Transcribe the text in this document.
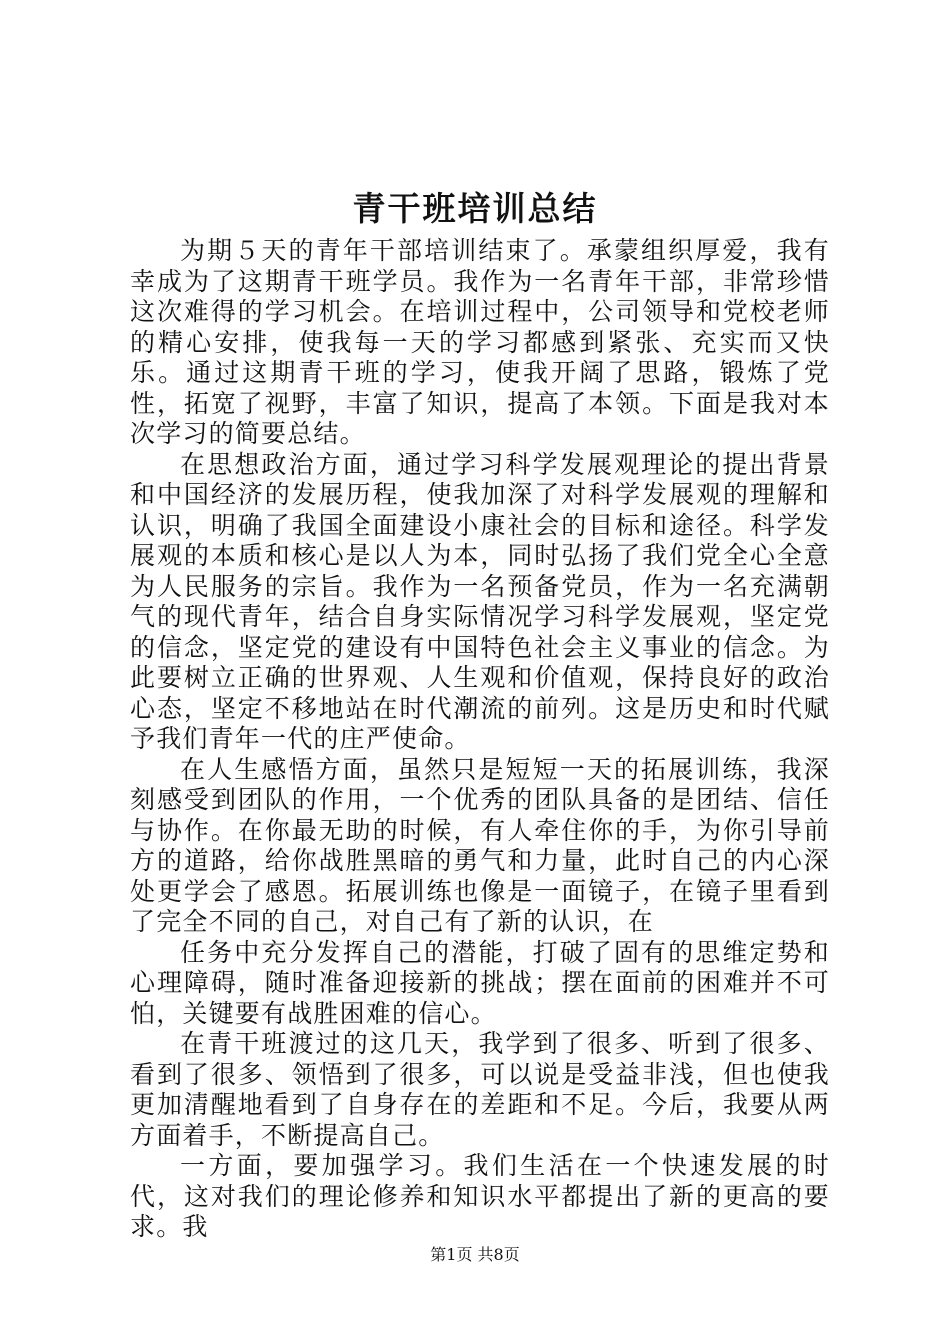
青干班培训总结

为期５天的青年干部培训结束了。承蒙组织厚爱，我有幸成为了这期青干班学员。我作为一名青年干部，非常珍惜这次难得的学习机会。在培训过程中，公司领导和党校老师的精心安排，使我每一天的学习都感到紧张、充实而又快乐。通过这期青干班的学习，使我开阔了思路，锻炼了党性，拓宽了视野，丰富了知识，提高了本领。下面是我对本次学习的简要总结。

在思想政治方面，通过学习科学发展观理论的提出背景和中国经济的发展历程，使我加深了对科学发展观的理解和认识，明确了我国全面建设小康社会的目标和途径。科学发展观的本质和核心是以人为本，同时弘扬了我们党全心全意为人民服务的宗旨。我作为一名预备党员，作为一名充满朝气的现代青年，结合自身实际情况学习科学发展观，坚定党的信念，坚定党的建设有中国特色社会主义事业的信念。为此要树立正确的世界观、人生观和价值观，保持良好的政治心态，坚定不移地站在时代潮流的前列。这是历史和时代赋予我们青年一代的庄严使命。

在人生感悟方面，虽然只是短短一天的拓展训练，我深刻感受到团队的作用，一个优秀的团队具备的是团结、信任与协作。在你最无助的时候，有人牵住你的手，为你引导前方的道路，给你战胜黑暗的勇气和力量，此时自己的内心深处更学会了感恩。拓展训练也像是一面镜子，在镜子里看到了完全不同的自己，对自己有了新的认识，在

任务中充分发挥自己的潜能，打破了固有的思维定势和心理障碍，随时准备迎接新的挑战；摆在面前的困难并不可怕，关键要有战胜困难的信心。

在青干班渡过的这几天，我学到了很多、听到了很多、看到了很多、领悟到了很多，可以说是受益非浅，但也使我更加清醒地看到了自身存在的差距和不足。今后，我要从两方面着手，不断提高自己。

一方面，要加强学习。我们生活在一个快速发展的时代，这对我们的理论修养和知识水平都提出了新的更高的要求。我

第1页 共8页
